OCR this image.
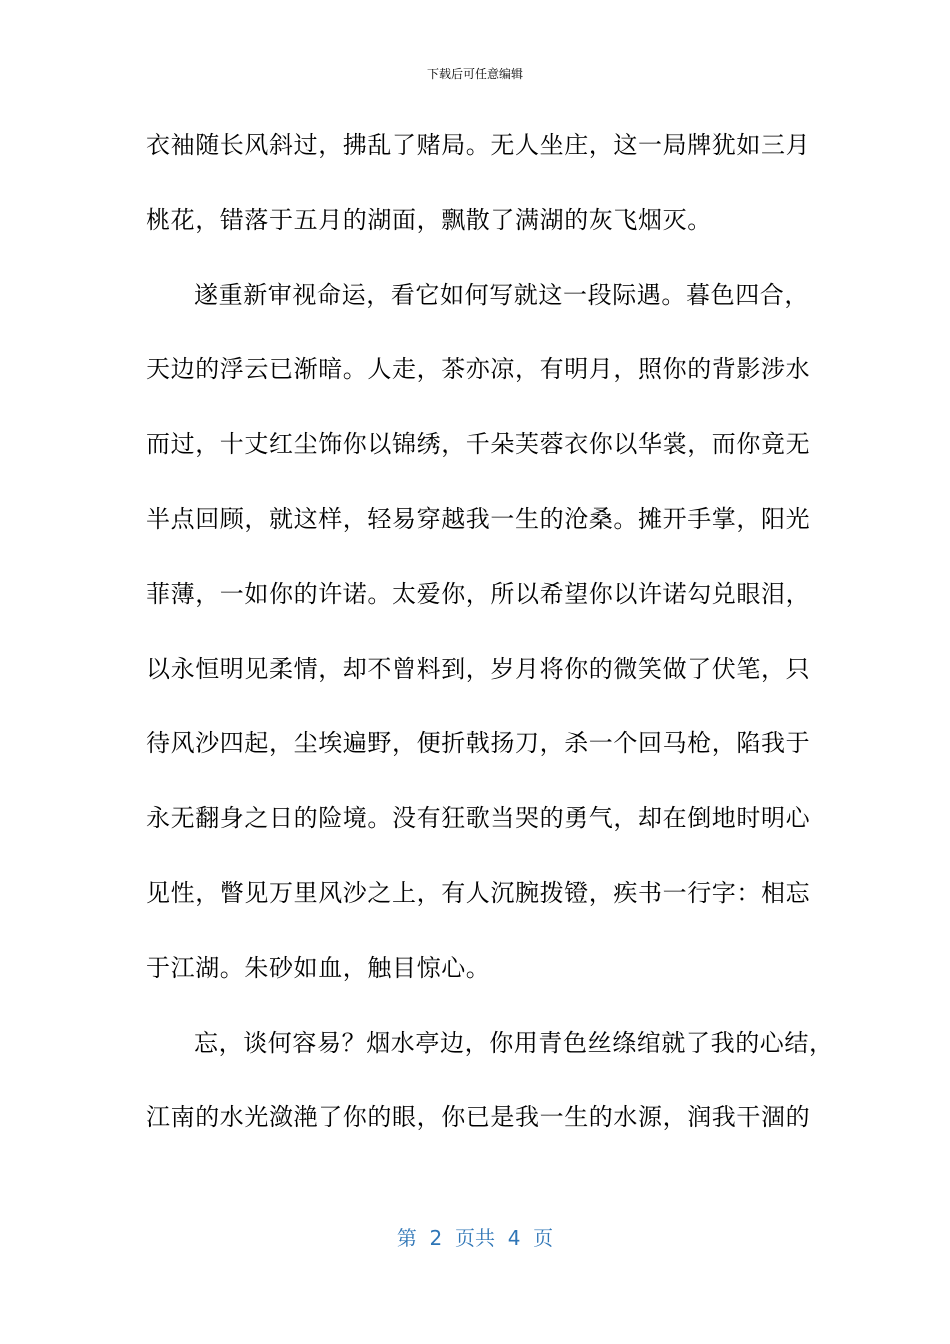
下载后可任意编辑
衣袖随长风斜过，拂乱了赌局。无人坐庄，这一局牌犹如三月
桃花，错落于五月的湖面，飘散了满湖的灰飞烟灭。
遂重新审视命运，看它如何写就这一段际遇。暮色四合，
天边的浮云已渐暗。人走，茶亦凉，有明月，照你的背影涉水
而过，十丈红尘饰你以锦绣，千朵芙蓉衣你以华裳，而你竟无
半点回顾，就这样，轻易穿越我一生的沧桑。摊开手掌，阳光
菲薄，一如你的许诺。太爱你，所以希望你以许诺勾兑眼泪，
以永恒明见柔情，却不曾料到，岁月将你的微笑做了伏笔，只
待风沙四起，尘埃遍野，便折戟扬刀，杀一个回马枪，陷我于
永无翻身之日的险境。没有狂歌当哭的勇气，却在倒地时明心
见性，瞥见万里风沙之上，有人沉腕拨镫，疾书一行字：相忘
于江湖。朱砂如血，触目惊心。
忘，谈何容易？烟水亭边，你用青色丝绦绾就了我的心结，
江南的水光潋滟了你的眼，你已是我一生的水源，润我干涸的
第  2  页共  4  页
